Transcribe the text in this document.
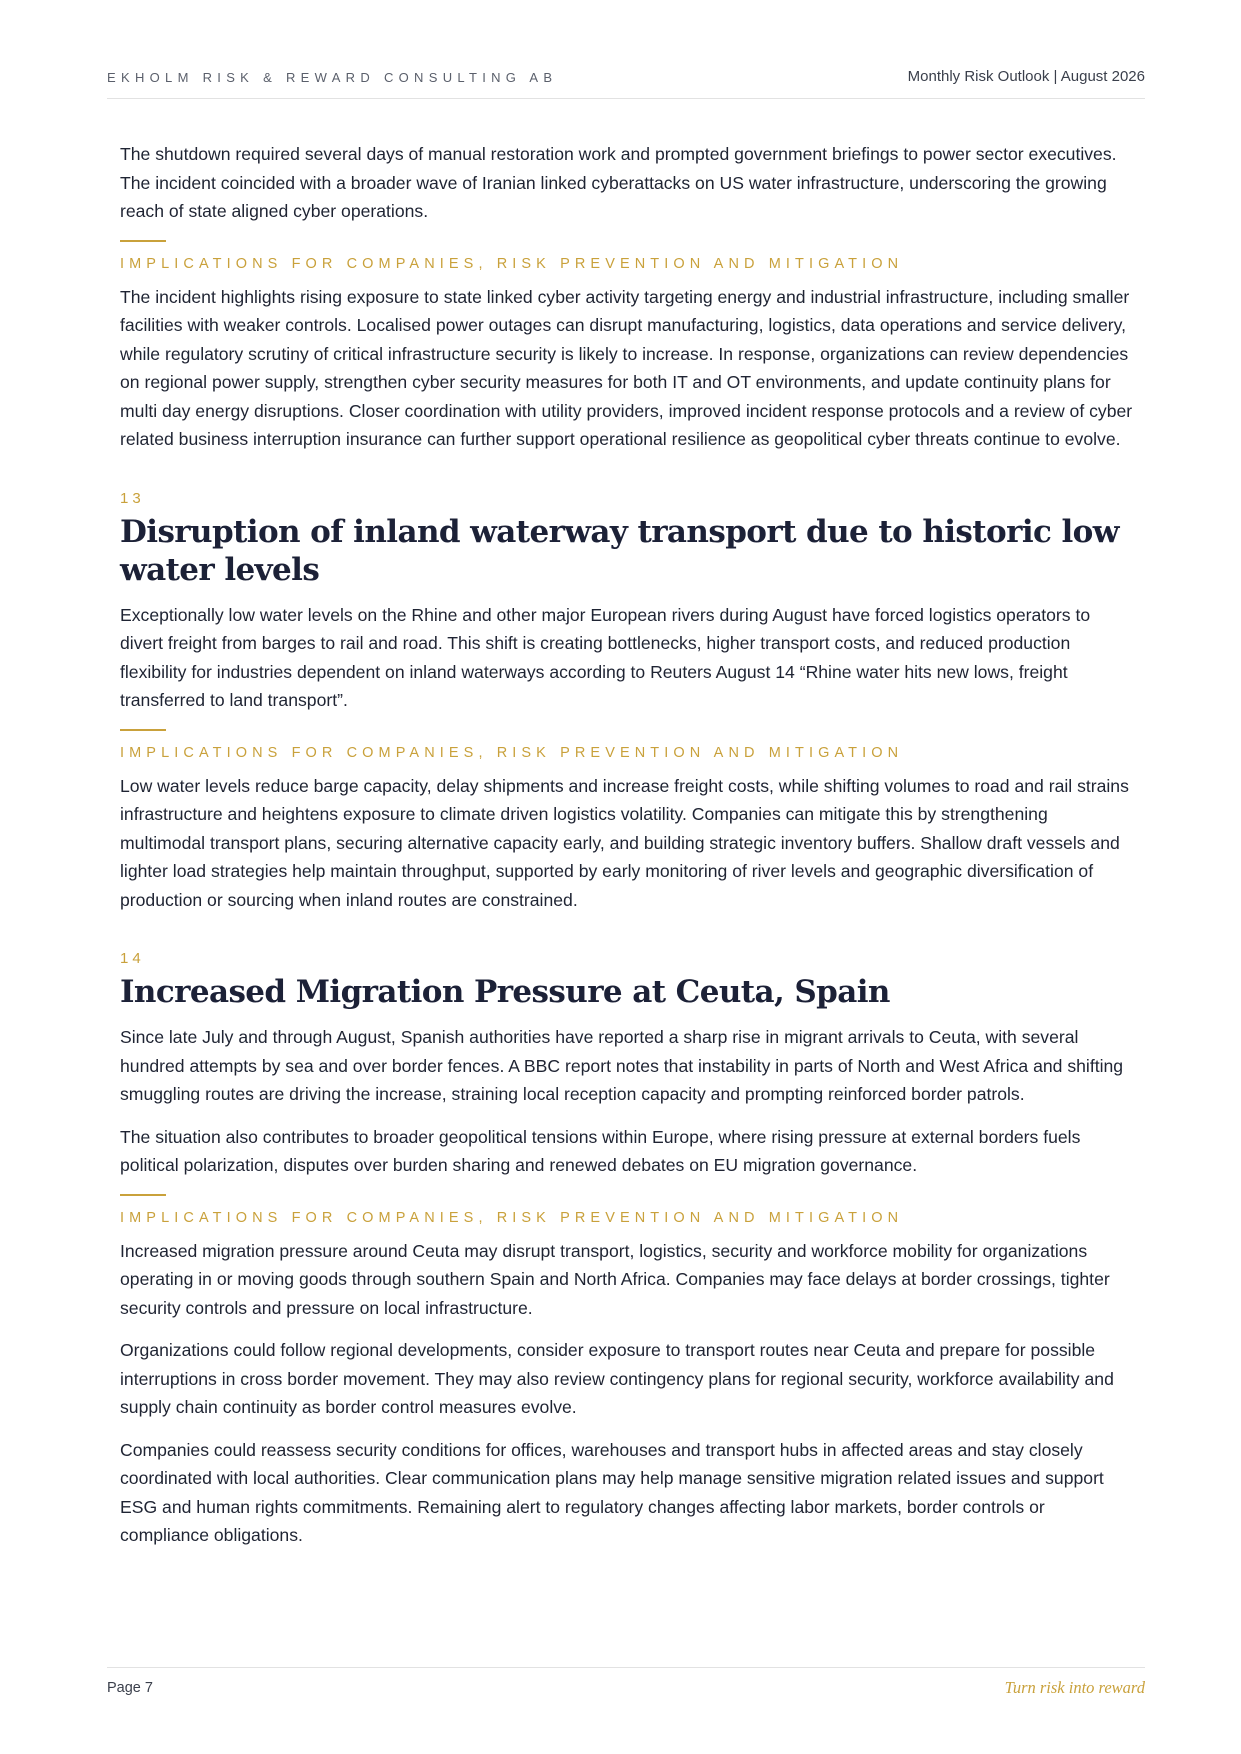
EKHOLM RISK & REWARD CONSULTING AB	Monthly Risk Outlook | August 2026

The shutdown required several days of manual restoration work and prompted government briefings to power sector executives. The incident coincided with a broader wave of Iranian linked cyberattacks on US water infrastructure, underscoring the growing reach of state aligned cyber operations.

IMPLICATIONS FOR COMPANIES, RISK PREVENTION AND MITIGATION

The incident highlights rising exposure to state linked cyber activity targeting energy and industrial infrastructure, including smaller facilities with weaker controls. Localised power outages can disrupt manufacturing, logistics, data operations and service delivery, while regulatory scrutiny of critical infrastructure security is likely to increase. In response, organizations can review dependencies on regional power supply, strengthen cyber security measures for both IT and OT environments, and update continuity plans for multi day energy disruptions. Closer coordination with utility providers, improved incident response protocols and a review of cyber related business interruption insurance can further support operational resilience as geopolitical cyber threats continue to evolve.

13
Disruption of inland waterway transport due to historic low water levels

Exceptionally low water levels on the Rhine and other major European rivers during August have forced logistics operators to divert freight from barges to rail and road. This shift is creating bottlenecks, higher transport costs, and reduced production flexibility for industries dependent on inland waterways according to Reuters August 14 “Rhine water hits new lows, freight transferred to land transport”.

IMPLICATIONS FOR COMPANIES, RISK PREVENTION AND MITIGATION

Low water levels reduce barge capacity, delay shipments and increase freight costs, while shifting volumes to road and rail strains infrastructure and heightens exposure to climate driven logistics volatility. Companies can mitigate this by strengthening multimodal transport plans, securing alternative capacity early, and building strategic inventory buffers. Shallow draft vessels and lighter load strategies help maintain throughput, supported by early monitoring of river levels and geographic diversification of production or sourcing when inland routes are constrained.

14
Increased Migration Pressure at Ceuta, Spain

Since late July and through August, Spanish authorities have reported a sharp rise in migrant arrivals to Ceuta, with several hundred attempts by sea and over border fences. A BBC report notes that instability in parts of North and West Africa and shifting smuggling routes are driving the increase, straining local reception capacity and prompting reinforced border patrols.

The situation also contributes to broader geopolitical tensions within Europe, where rising pressure at external borders fuels political polarization, disputes over burden sharing and renewed debates on EU migration governance.

IMPLICATIONS FOR COMPANIES, RISK PREVENTION AND MITIGATION

Increased migration pressure around Ceuta may disrupt transport, logistics, security and workforce mobility for organizations operating in or moving goods through southern Spain and North Africa. Companies may face delays at border crossings, tighter security controls and pressure on local infrastructure.

Organizations could follow regional developments, consider exposure to transport routes near Ceuta and prepare for possible interruptions in cross border movement. They may also review contingency plans for regional security, workforce availability and supply chain continuity as border control measures evolve.

Companies could reassess security conditions for offices, warehouses and transport hubs in affected areas and stay closely coordinated with local authorities. Clear communication plans may help manage sensitive migration related issues and support ESG and human rights commitments. Remaining alert to regulatory changes affecting labor markets, border controls or compliance obligations.

Page 7	Turn risk into reward
